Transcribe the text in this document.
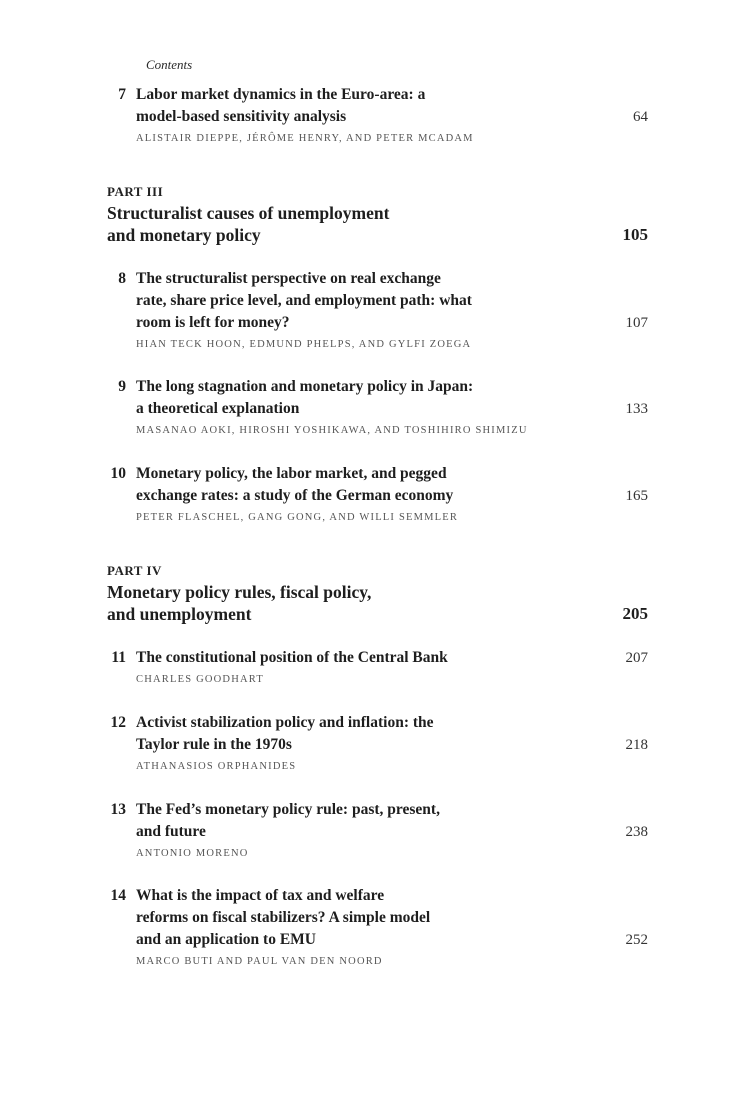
Contents
7 Labor market dynamics in the Euro-area: a
model-based sensitivity analysis	64
ALISTAIR DIEPPE, JÉRÔME HENRY, AND PETER MCADAM
PART III

Structuralist causes of unemployment
and monetary policy	105
8 The structuralist perspective on real exchange
rate, share price level, and employment path: what
room is left for money?	107
HIAN TECK HOON, EDMUND PHELPS, AND GYLFI ZOEGA
9 The long stagnation and monetary policy in Japan:
a theoretical explanation	133
MASANAO AOKI, HIROSHI YOSHIKAWA, AND TOSHIHIRO SHIMIZU
10 Monetary policy, the labor market, and pegged
exchange rates: a study of the German economy	165
PETER FLASCHEL, GANG GONG, AND WILLI SEMMLER
PART IV

Monetary policy rules, fiscal policy,
and unemployment	205
11 The constitutional position of the Central Bank	207
CHARLES GOODHART
12 Activist stabilization policy and inflation: the
Taylor rule in the 1970s	218
ATHANASIOS ORPHANIDES
13 The Fed’s monetary policy rule: past, present,
and future	238
ANTONIO MORENO
14 What is the impact of tax and welfare
reforms on fiscal stabilizers? A simple model
and an application to EMU	252
MARCO BUTI AND PAUL VAN DEN NOORD
